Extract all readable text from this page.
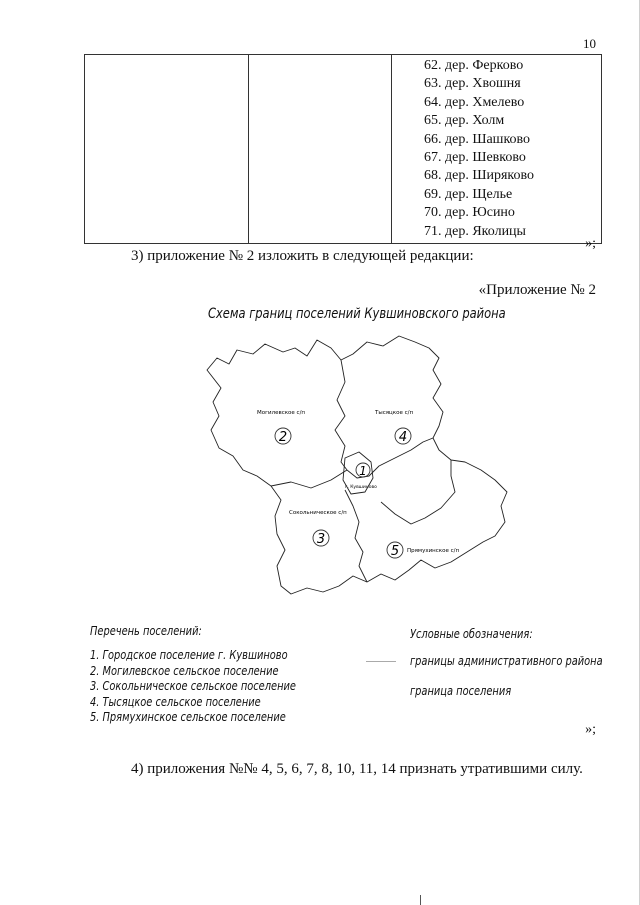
10

62. дер. Ферково
63. дер. Хвошня
64. дер. Хмелево
65. дер. Холм
66. дер. Шашково
67. дер. Шевково
68. дер. Ширяково
69. дер. Щелье
70. дер. Юсино
71. дер. Яколицы
»;
3) приложение № 2 изложить в следующей редакции:
«Приложение № 2
Схема границ поселений Кувшиновского района
2	4
1
3
5
Могилевское с/п	Тысяцкое с/п
г. Кувшиново
Сокольническое с/п
Прямухинское с/п
Перечень поселений:
1. Городское поселение г. Кувшиново
2. Могилевское сельское поселение
3. Сокольническое сельское поселение
4. Тысяцкое сельское поселение
5. Прямухинское сельское поселение
Условные обозначения:
границы административного района
граница поселения
»;
4) приложения №№ 4, 5, 6, 7, 8, 10, 11, 14 признать утратившими силу.
